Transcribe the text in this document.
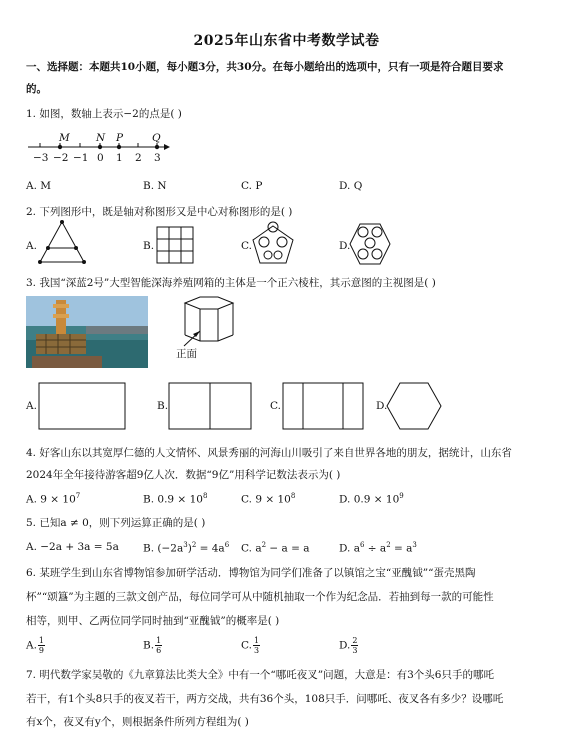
2025年山东省中考数学试卷
一、选择题：本题共10小题，每小题3分，共30分。在每小题给出的选项中，只有一项是符合题目要求
的。
1. 如图，数轴上表示−2的点是( )
M N P	Q
−3 −2 −1 0 1 2 3
A. M	B. N	C. P	D. Q
2. 下列图形中，既是轴对称图形又是中心对称图形的是( )
A.	B.	C.	D.
3. 我国“深蓝2号”大型智能深海养殖网箱的主体是一个正六棱柱，其示意图的主视图是( )
正面
A.	B.	C.	D.
4. 好客山东以其宽厚仁德的人文情怀、风景秀丽的河海山川吸引了来自世界各地的朋友，据统计，山东省
2024年全年接待游客超9亿人次．数据“9亿”用科学记数法表示为( )
A. $9 \times 10^7$	B. $0.9 \times 10^8$	C. $9 \times 10^8$	D. $0.9 \times 10^9$
5. 已知a ≠ 0，则下列运算正确的是( )
A. −2a + 3a = 5a B. $(-2a^3)^2 = 4a^6$ C. $a^2 - a = a$	D. $a^6 \div a^2 = a^3$
6. 某班学生到山东省博物馆参加研学活动．博物馆为同学们准备了以镇馆之宝“亚醜钺”“蛋壳黑陶
杯”“颂簋”为主题的三款文创产品，每位同学可从中随机抽取一个作为纪念品．若抽到每一款的可能性
相等，则甲、乙两位同学同时抽到“亚醜钺”的概率是( )
A. $\frac{1}{9}$	B. $\frac{1}{6}$	C. $\frac{1}{3}$	D. $\frac{2}{3}$
7. 明代数学家吴敬的《九章算法比类大全》中有一个“哪吒夜叉”问题，大意是：有3个头6只手的哪吒
若干，有1个头8只手的夜叉若干，两方交战，共有36个头，108只手．问哪吒、夜叉各有多少？设哪吒
有x个，夜叉有y个，则根据条件所列方程组为( )
